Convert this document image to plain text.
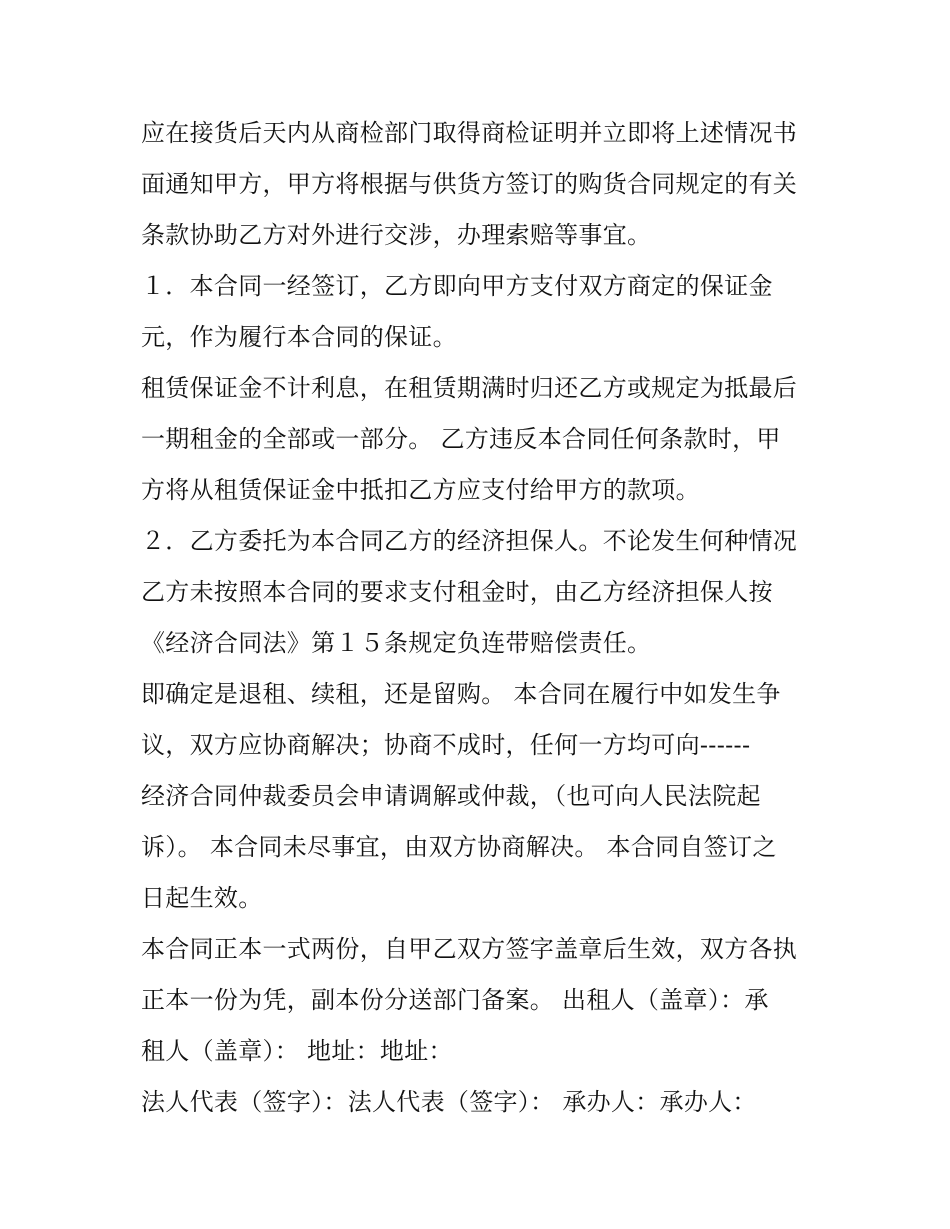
应在接货后天内从商检部门取得商检证明并立即将上述情况书
面通知甲方，甲方将根据与供货方签订的购货合同规定的有关
条款协助乙方对外进行交涉，办理索赔等事宜。
１．本合同一经签订，乙方即向甲方支付双方商定的保证金
元，作为履行本合同的保证。
租赁保证金不计利息，在租赁期满时归还乙方或规定为抵最后
一期租金的全部或一部分。 乙方违反本合同任何条款时，甲
方将从租赁保证金中抵扣乙方应支付给甲方的款项。
２．乙方委托为本合同乙方的经济担保人。不论发生何种情况
乙方未按照本合同的要求支付租金时，由乙方经济担保人按
《经济合同法》第１５条规定负连带赔偿责任。
即确定是退租、续租，还是留购。 本合同在履行中如发生争
议，双方应协商解决；协商不成时，任何一方均可向------
经济合同仲裁委员会申请调解或仲裁，（也可向人民法院起
诉）。 本合同未尽事宜，由双方协商解决。 本合同自签订之
日起生效。
本合同正本一式两份，自甲乙双方签字盖章后生效，双方各执
正本一份为凭，副本份分送部门备案。 出租人（盖章）：承
租人（盖章）： 地址：地址：
法人代表（签字）：法人代表（签字）： 承办人：承办人：
